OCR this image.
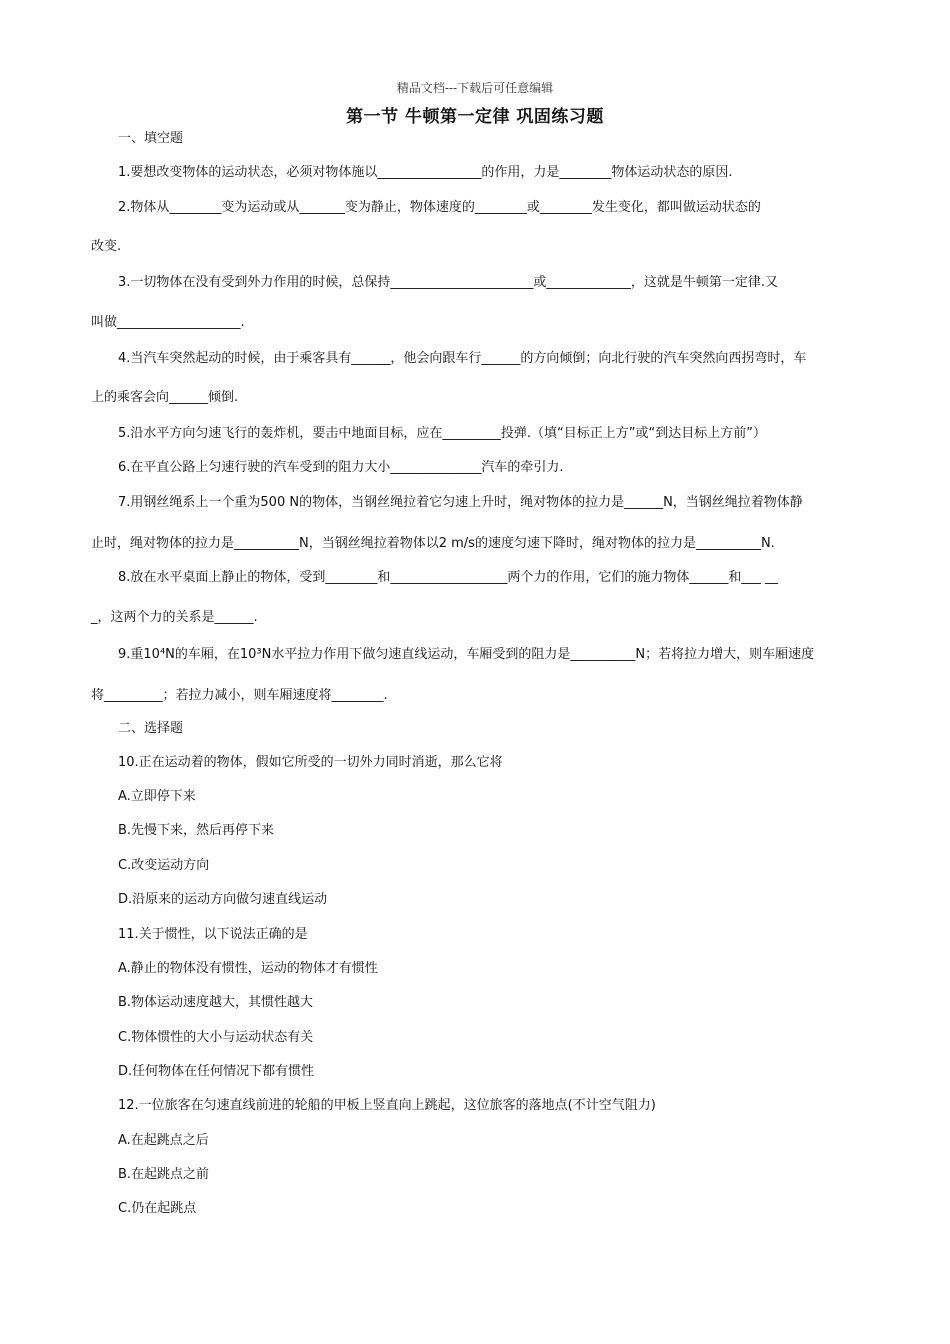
精品文档---下载后可任意编辑
第一节 牛顿第一定律 巩固练习题
一、填空题
1.要想改变物体的运动状态，必须对物体施以________________的作用，力是________物体运动状态的原因.
2.物体从________变为运动或从_______变为静止，物体速度的________或________发生变化，都叫做运动状态的
改变.
3.一切物体在没有受到外力作用的时候，总保持______________________或_____________，这就是牛顿第一定律.又
叫做___________________.
4.当汽车突然起动的时候，由于乘客具有______，他会向跟车行______的方向倾倒；向北行驶的汽车突然向西拐弯时，车
上的乘客会向______倾倒.
5.沿水平方向匀速飞行的轰炸机，要击中地面目标，应在_________投弹.（填“目标正上方”或“到达目标上方前”）
6.在平直公路上匀速行驶的汽车受到的阻力大小______________汽车的牵引力.
7.用钢丝绳系上一个重为500 N的物体，当钢丝绳拉着它匀速上升时，绳对物体的拉力是______N，当钢丝绳拉着物体静
止时，绳对物体的拉力是__________N，当钢丝绳拉着物体以2 m/s的速度匀速下降时，绳对物体的拉力是__________N.
8.放在水平桌面上静止的物体，受到________和__________________两个力的作用，它们的施力物体______和___ __
_，这两个力的关系是______.
9.重10⁴N的车厢，在10³N水平拉力作用下做匀速直线运动，车厢受到的阻力是__________N；若将拉力增大，则车厢速度
将_________；若拉力减小，则车厢速度将________.
二、选择题
10.正在运动着的物体，假如它所受的一切外力同时消逝，那么它将
A.立即停下来
B.先慢下来，然后再停下来
C.改变运动方向
D.沿原来的运动方向做匀速直线运动
11.关于惯性，以下说法正确的是
A.静止的物体没有惯性，运动的物体才有惯性
B.物体运动速度越大，其惯性越大
C.物体惯性的大小与运动状态有关
D.任何物体在任何情况下都有惯性
12.一位旅客在匀速直线前进的轮船的甲板上竖直向上跳起，这位旅客的落地点(不计空气阻力)
A.在起跳点之后
B.在起跳点之前
C.仍在起跳点
